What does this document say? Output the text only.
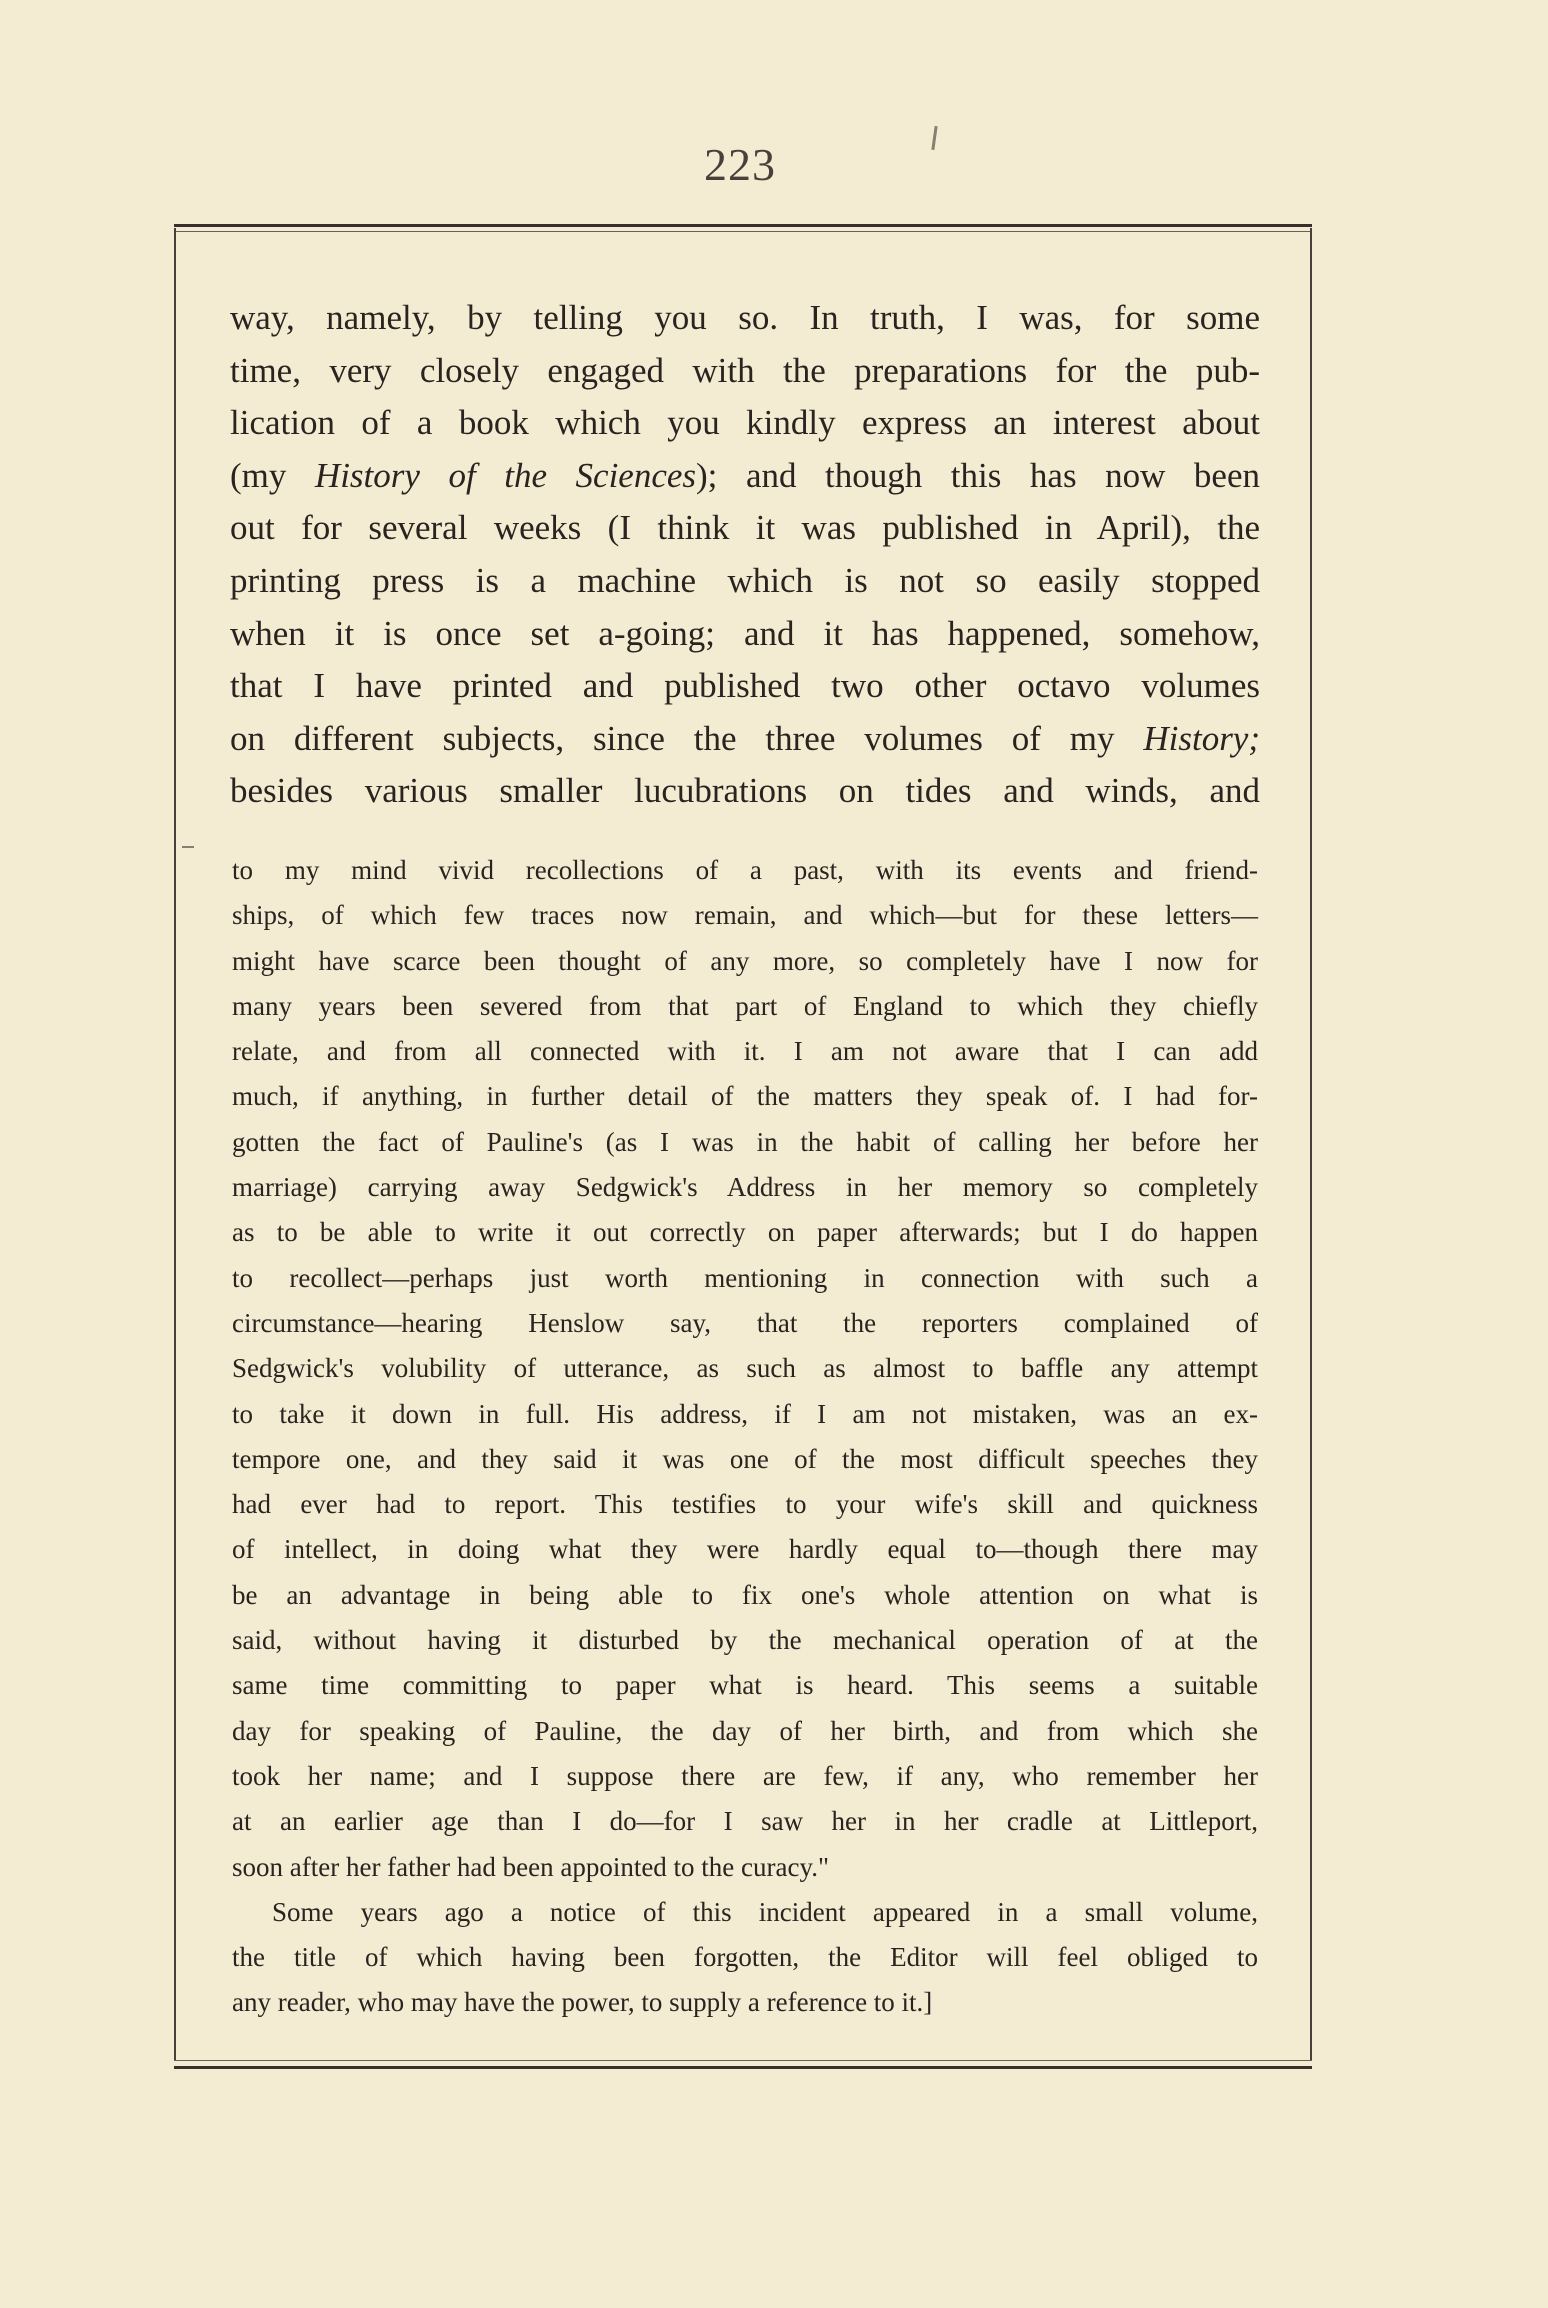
223
way, namely, by telling you so. In truth, I was, for some
time, very closely engaged with the preparations for the pub-
lication of a book which you kindly express an interest about
(my History of the Sciences); and though this has now been
out for several weeks (I think it was published in April), the
printing press is a machine which is not so easily stopped
when it is once set a-going; and it has happened, somehow,
that I have printed and published two other octavo volumes
on different subjects, since the three volumes of my History;
besides various smaller lucubrations on tides and winds, and
to my mind vivid recollections of a past, with its events and friend-
ships, of which few traces now remain, and which—but for these letters—
might have scarce been thought of any more, so completely have I now for
many years been severed from that part of England to which they chiefly
relate, and from all connected with it. I am not aware that I can add
much, if anything, in further detail of the matters they speak of. I had for-
gotten the fact of Pauline's (as I was in the habit of calling her before her
marriage) carrying away Sedgwick's Address in her memory so completely
as to be able to write it out correctly on paper afterwards; but I do happen
to recollect—perhaps just worth mentioning in connection with such a
circumstance—hearing Henslow say, that the reporters complained of
Sedgwick's volubility of utterance, as such as almost to baffle any attempt
to take it down in full. His address, if I am not mistaken, was an ex-
tempore one, and they said it was one of the most difficult speeches they
had ever had to report. This testifies to your wife's skill and quickness
of intellect, in doing what they were hardly equal to—though there may
be an advantage in being able to fix one's whole attention on what is
said, without having it disturbed by the mechanical operation of at the
same time committing to paper what is heard. This seems a suitable
day for speaking of Pauline, the day of her birth, and from which she
took her name; and I suppose there are few, if any, who remember her
at an earlier age than I do—for I saw her in her cradle at Littleport,
soon after her father had been appointed to the curacy."
Some years ago a notice of this incident appeared in a small volume,
the title of which having been forgotten, the Editor will feel obliged to
any reader, who may have the power, to supply a reference to it.]
